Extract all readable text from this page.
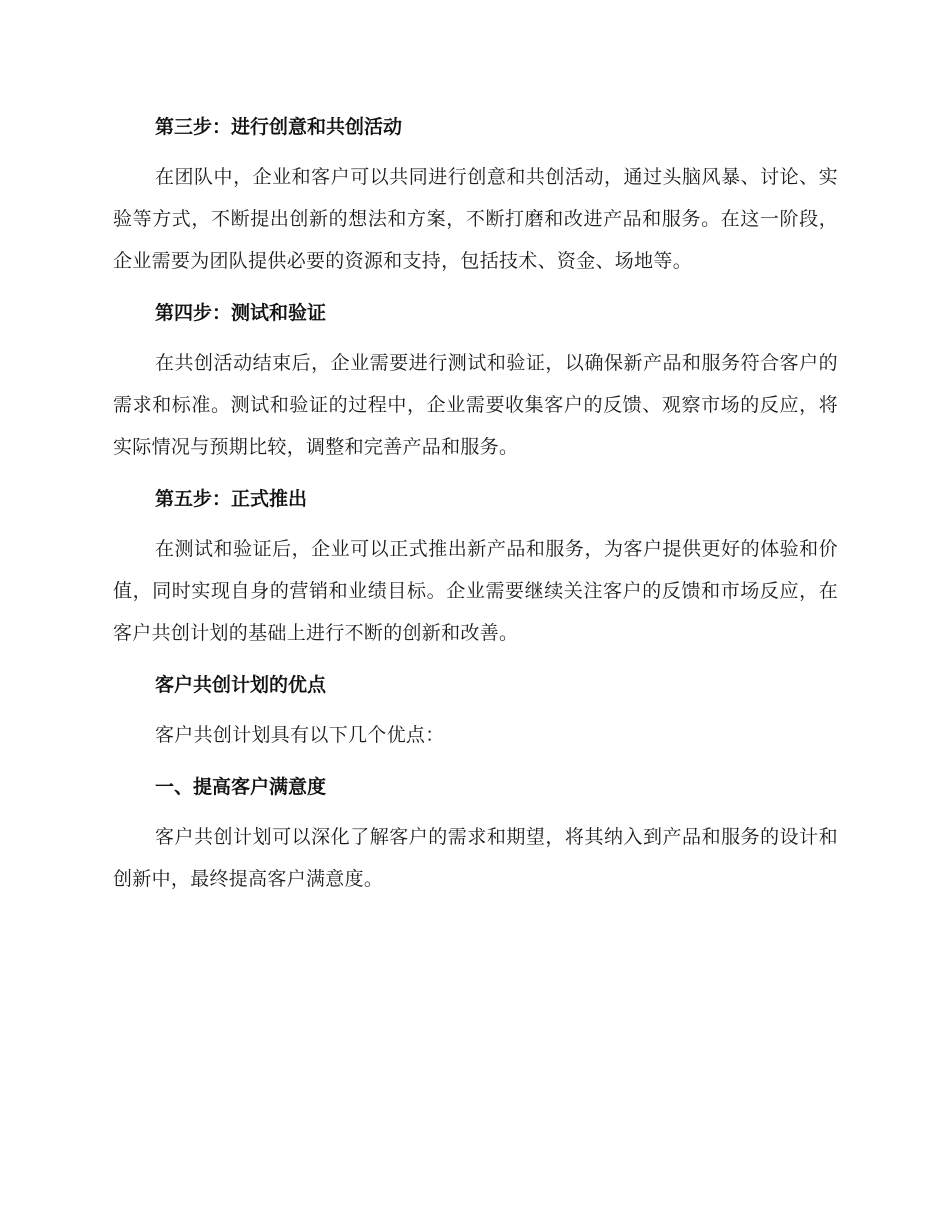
第三步：进行创意和共创活动

在团队中，企业和客户可以共同进行创意和共创活动，通过头脑风暴、讨论、实验等方式，不断提出创新的想法和方案，不断打磨和改进产品和服务。在这一阶段，企业需要为团队提供必要的资源和支持，包括技术、资金、场地等。

第四步：测试和验证

在共创活动结束后，企业需要进行测试和验证，以确保新产品和服务符合客户的需求和标准。测试和验证的过程中，企业需要收集客户的反馈、观察市场的反应，将实际情况与预期比较，调整和完善产品和服务。

第五步：正式推出

在测试和验证后，企业可以正式推出新产品和服务，为客户提供更好的体验和价值，同时实现自身的营销和业绩目标。企业需要继续关注客户的反馈和市场反应，在客户共创计划的基础上进行不断的创新和改善。

客户共创计划的优点

客户共创计划具有以下几个优点：

一、提高客户满意度

客户共创计划可以深化了解客户的需求和期望，将其纳入到产品和服务的设计和创新中，最终提高客户满意度。
